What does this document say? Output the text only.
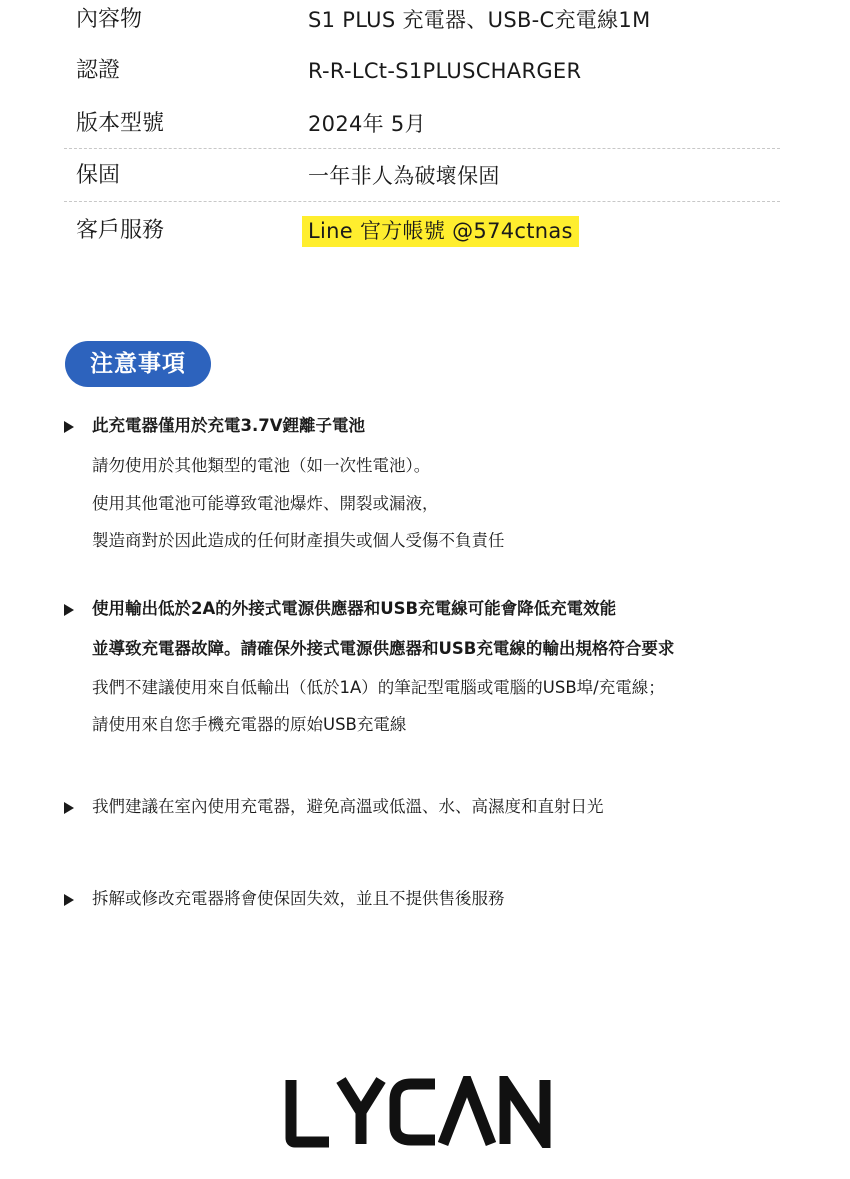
內容物	S1 PLUS 充電器、USB-C充電線1M
認證	R-R-LCt-S1PLUSCHARGER
版本型號	2024年 5月
保固	一年非人為破壞保固
客戶服務	Line 官方帳號 @574ctnas
注意事項
此充電器僅用於充電3.7V鋰離子電池
請勿使用於其他類型的電池（如一次性電池）。
使用其他電池可能導致電池爆炸、開裂或漏液，
製造商對於因此造成的任何財產損失或個人受傷不負責任
使用輸出低於2A的外接式電源供應器和USB充電線可能會降低充電效能
並導致充電器故障。請確保外接式電源供應器和USB充電線的輸出規格符合要求
我們不建議使用來自低輸出（低於1A）的筆記型電腦或電腦的USB埠/充電線；
請使用來自您手機充電器的原始USB充電線
我們建議在室內使用充電器，避免高溫或低溫、水、高濕度和直射日光
拆解或修改充電器將會使保固失效，並且不提供售後服務
